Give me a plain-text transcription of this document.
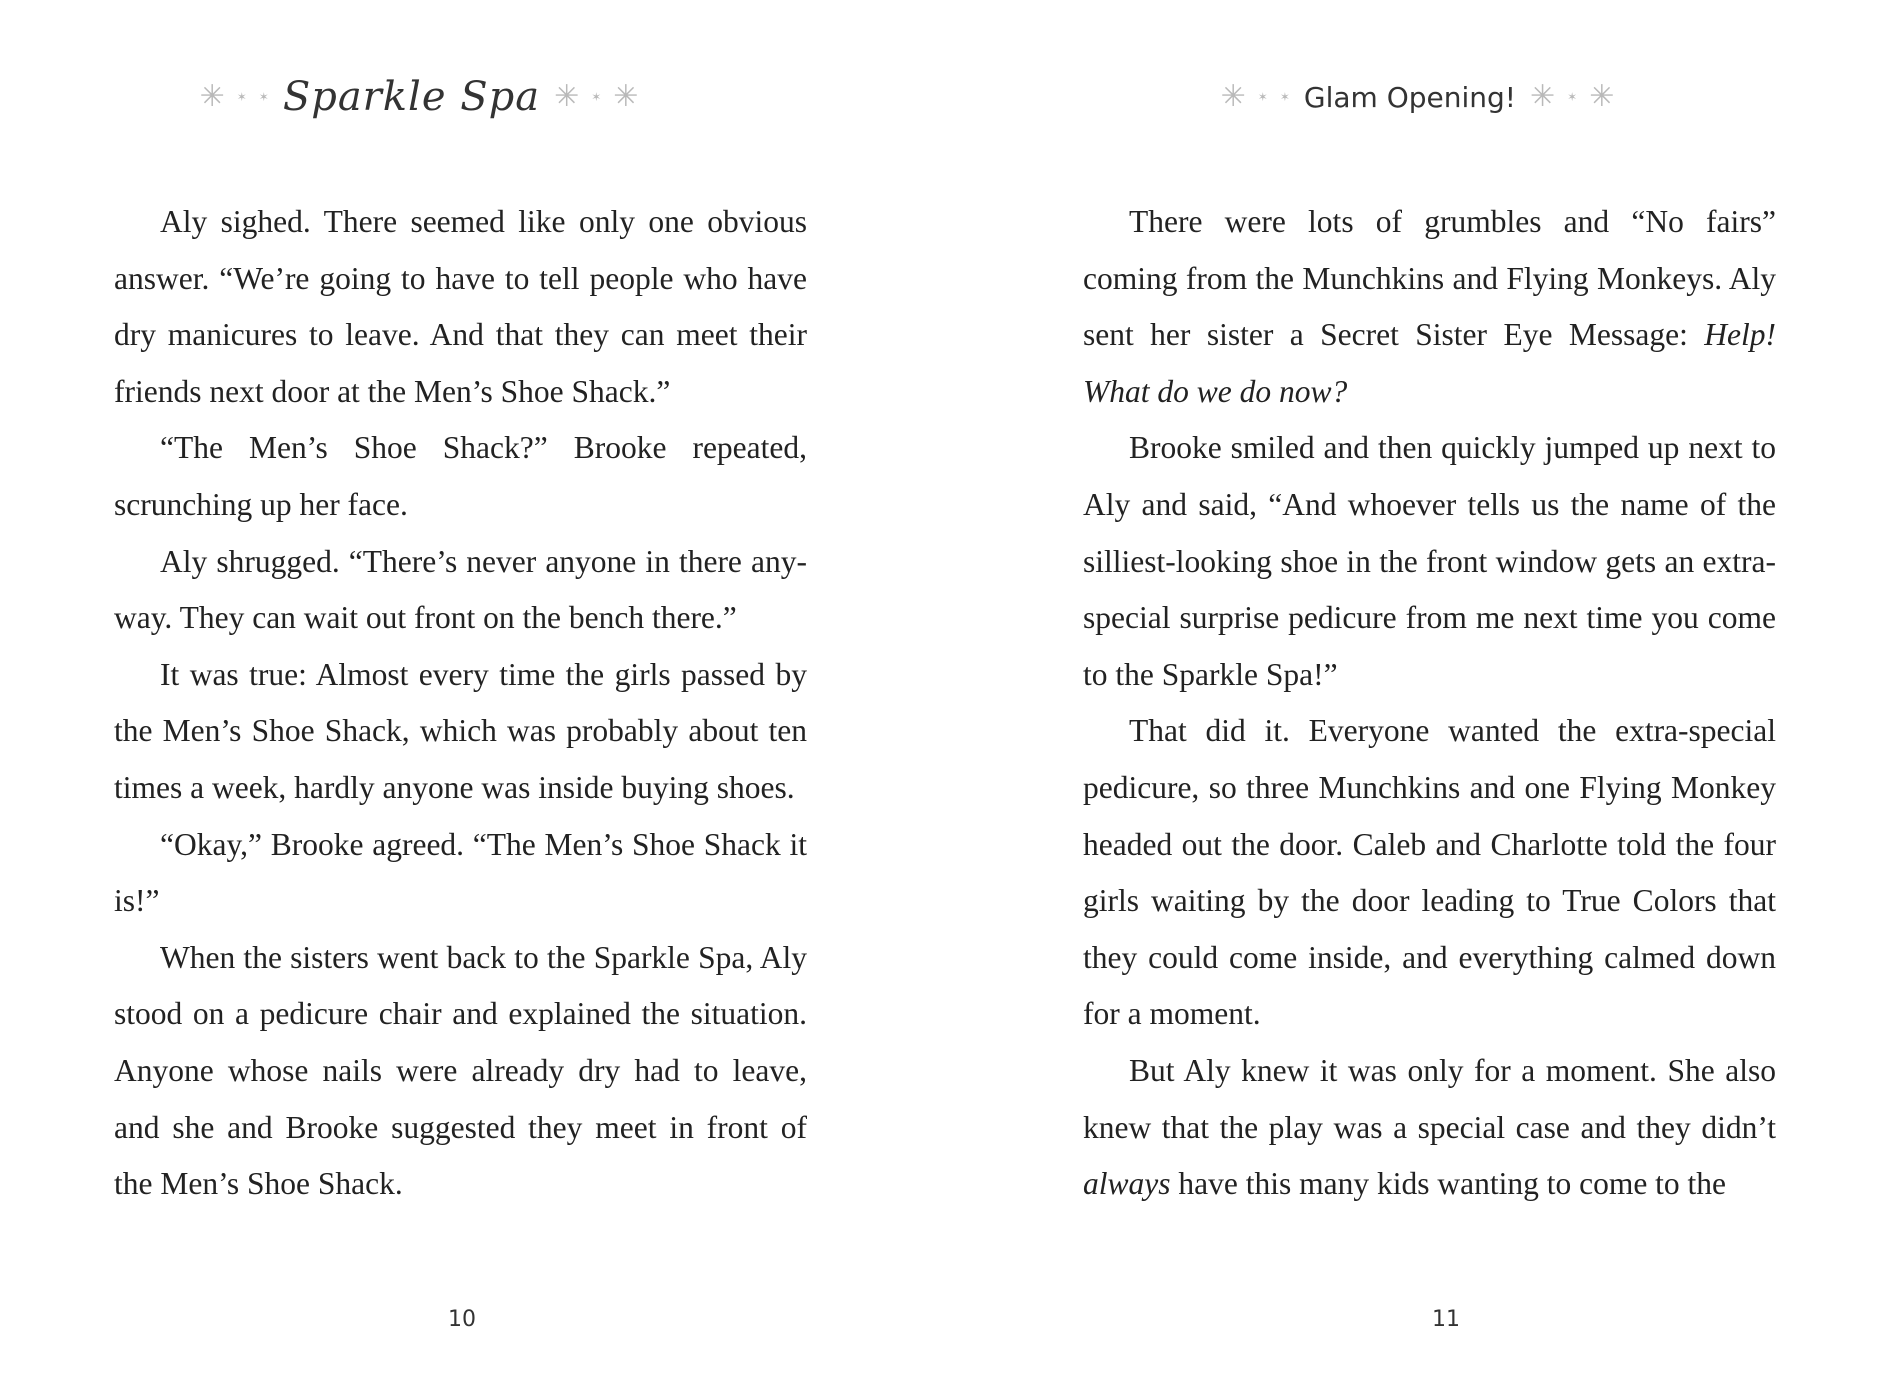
✳ ✶ ✶ Sparkle Spa ✳ ✶ ✳

Aly sighed. There seemed like only one obvious answer. “We’re going to have to tell people who have dry manicures to leave. And that they can meet their friends next door at the Men’s Shoe Shack.”

“The Men’s Shoe Shack?” Brooke repeated, scrunching up her face.

Aly shrugged. “There’s never anyone in there anyway. They can wait out front on the bench there.”

It was true: Almost every time the girls passed by the Men’s Shoe Shack, which was probably about ten times a week, hardly anyone was inside buying shoes.

“Okay,” Brooke agreed. “The Men’s Shoe Shack it is!”

When the sisters went back to the Sparkle Spa, Aly stood on a pedicure chair and explained the situation. Anyone whose nails were already dry had to leave, and she and Brooke suggested they meet in front of the Men’s Shoe Shack.

10
✳ ✶ ✶ Glam Opening! ✳ ✶ ✳

There were lots of grumbles and “No fairs” coming from the Munchkins and Flying Monkeys. Aly sent her sister a Secret Sister Eye Message: Help! What do we do now?

Brooke smiled and then quickly jumped up next to Aly and said, “And whoever tells us the name of the silliest-looking shoe in the front window gets an extra-special surprise pedicure from me next time you come to the Sparkle Spa!”

That did it. Everyone wanted the extra-special pedicure, so three Munchkins and one Flying Monkey headed out the door. Caleb and Charlotte told the four girls waiting by the door leading to True Colors that they could come inside, and everything calmed down for a moment.

But Aly knew it was only for a moment. She also knew that the play was a special case and they didn’t always have this many kids wanting to come to the

11
